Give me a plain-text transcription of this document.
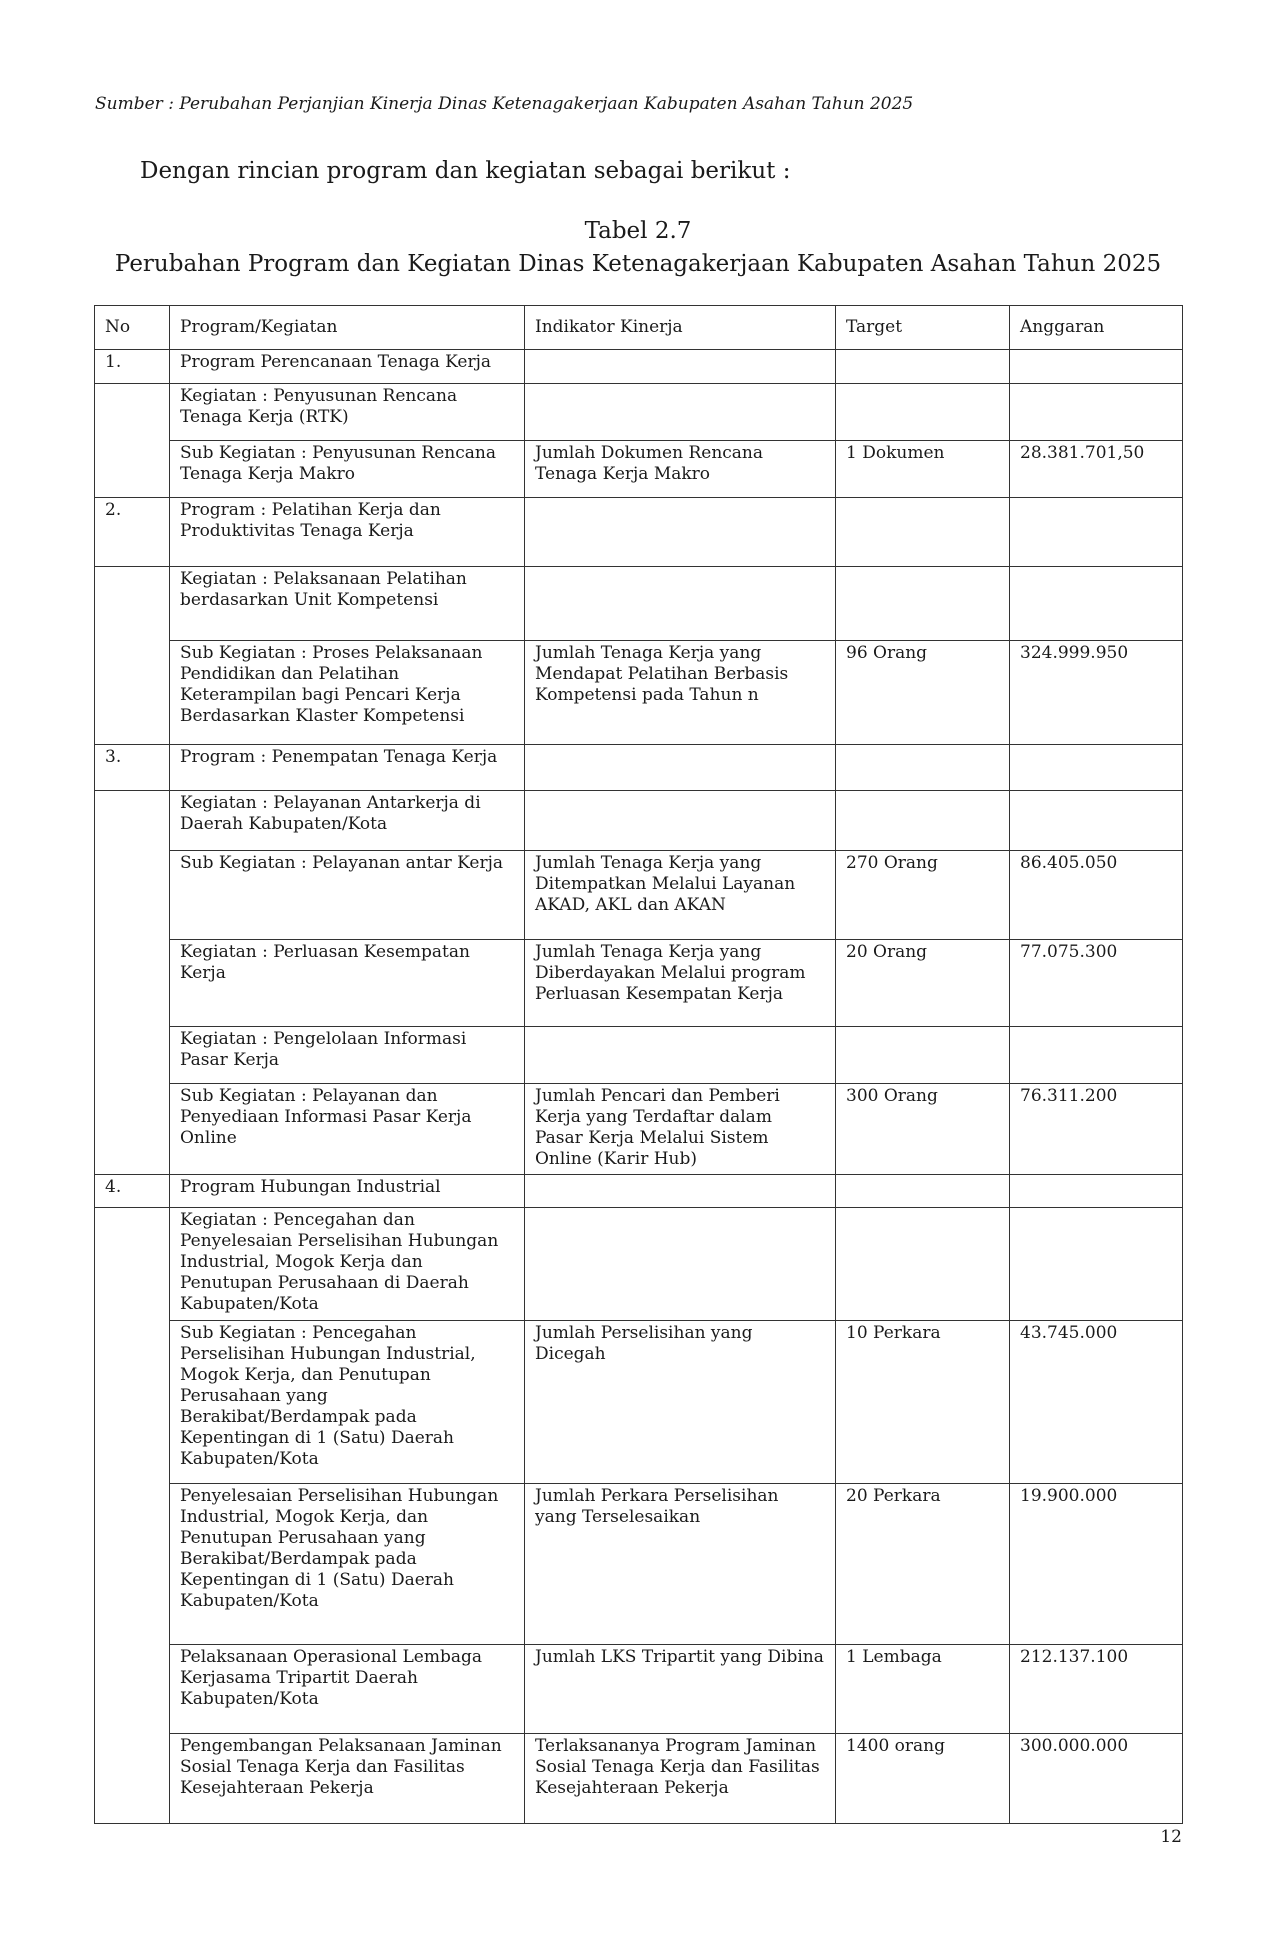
Sumber : Perubahan Perjanjian Kinerja Dinas Ketenagakerjaan Kabupaten Asahan Tahun 2025
Dengan rincian program dan kegiatan sebagai berikut :
Tabel 2.7
Perubahan Program dan Kegiatan Dinas Ketenagakerjaan Kabupaten Asahan Tahun 2025
No	Program/Kegiatan	Indikator Kinerja	Target	Anggaran
1.	Program Perencanaan Tenaga Kerja			
	Kegiatan : Penyusunan Rencana Tenaga Kerja (RTK)			
	Sub Kegiatan : Penyusunan Rencana Tenaga Kerja Makro	Jumlah Dokumen Rencana Tenaga Kerja Makro	1 Dokumen	28.381.701,50
2.	Program : Pelatihan Kerja dan Produktivitas Tenaga Kerja			
	Kegiatan : Pelaksanaan Pelatihan berdasarkan Unit Kompetensi			
	Sub Kegiatan : Proses Pelaksanaan Pendidikan dan Pelatihan Keterampilan bagi Pencari Kerja Berdasarkan Klaster Kompetensi	Jumlah Tenaga Kerja yang Mendapat Pelatihan Berbasis Kompetensi pada Tahun n	96 Orang	324.999.950
3.	Program : Penempatan Tenaga Kerja			
	Kegiatan : Pelayanan Antarkerja di Daerah Kabupaten/Kota			
	Sub Kegiatan : Pelayanan antar Kerja	Jumlah Tenaga Kerja yang Ditempatkan Melalui Layanan AKAD, AKL dan AKAN	270 Orang	86.405.050
	Kegiatan : Perluasan Kesempatan Kerja	Jumlah Tenaga Kerja yang Diberdayakan Melalui program Perluasan Kesempatan Kerja	20 Orang	77.075.300
	Kegiatan : Pengelolaan Informasi Pasar Kerja			
	Sub Kegiatan : Pelayanan dan Penyediaan Informasi Pasar Kerja Online	Jumlah Pencari dan Pemberi Kerja yang Terdaftar dalam Pasar Kerja Melalui Sistem Online (Karir Hub)	300 Orang	76.311.200
4.	Program Hubungan Industrial			
	Kegiatan : Pencegahan dan Penyelesaian Perselisihan Hubungan Industrial, Mogok Kerja dan Penutupan Perusahaan di Daerah Kabupaten/Kota			
	Sub Kegiatan : Pencegahan Perselisihan Hubungan Industrial, Mogok Kerja, dan Penutupan Perusahaan yang Berakibat/Berdampak pada Kepentingan di 1 (Satu) Daerah Kabupaten/Kota	Jumlah Perselisihan yang Dicegah	10 Perkara	43.745.000
	Penyelesaian Perselisihan Hubungan Industrial, Mogok Kerja, dan Penutupan Perusahaan yang Berakibat/Berdampak pada Kepentingan di 1 (Satu) Daerah Kabupaten/Kota	Jumlah Perkara Perselisihan yang Terselesaikan	20 Perkara	19.900.000
	Pelaksanaan Operasional Lembaga Kerjasama Tripartit Daerah Kabupaten/Kota	Jumlah LKS Tripartit yang Dibina	1 Lembaga	212.137.100
	Pengembangan Pelaksanaan Jaminan Sosial Tenaga Kerja dan Fasilitas Kesejahteraan Pekerja	Terlaksananya Program Jaminan Sosial Tenaga Kerja dan Fasilitas Kesejahteraan Pekerja	1400 orang	300.000.000
12
